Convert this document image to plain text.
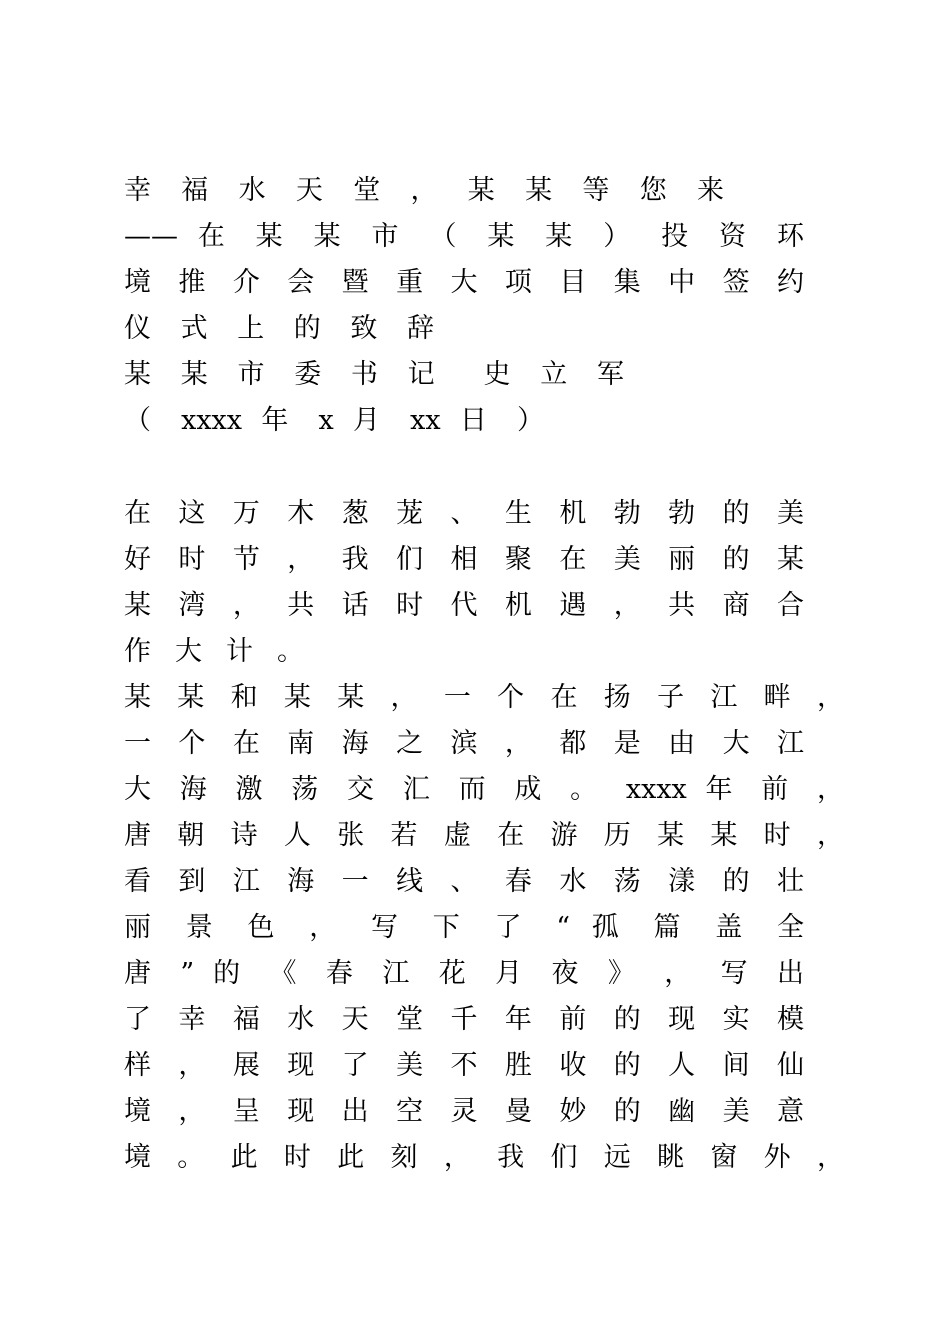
幸 福 水 天 堂 ， 某 某 等 您 来
—— 在 某 某 市 （ 某 某 ） 投 资 环
境 推 介 会 暨 重 大 项 目 集 中 签 约
仪 式 上 的 致 辞
某 某 市 委 书 记  史 立 军
（ xxxx 年 x 月 xx 日 ）
在 这 万 木 葱 茏 、 生 机 勃 勃 的 美
好 时 节 ， 我 们 相 聚 在 美 丽 的 某
某 湾 ， 共 话 时 代 机 遇 ， 共 商 合
作 大 计 。
某 某 和 某 某 ， 一 个 在 扬 子 江 畔 ，
一 个 在 南 海 之 滨 ， 都 是 由 大 江
大 海 激 荡 交 汇 而 成 。 xxxx 年 前 ，
唐 朝 诗 人 张 若 虚 在 游 历 某 某 时 ，
看 到 江 海 一 线 、 春 水 荡 漾 的 壮
丽 景 色 ， 写 下 了 “ 孤 篇 盖 全
唐 ” 的 《 春 江 花 月 夜 》 ， 写 出
了 幸 福 水 天 堂 千 年 前 的 现 实 模
样 ， 展 现 了 美 不 胜 收 的 人 间 仙
境 ， 呈 现 出 空 灵 曼 妙 的 幽 美 意
境 。 此 时 此 刻 ， 我 们 远 眺 窗 外 ，
